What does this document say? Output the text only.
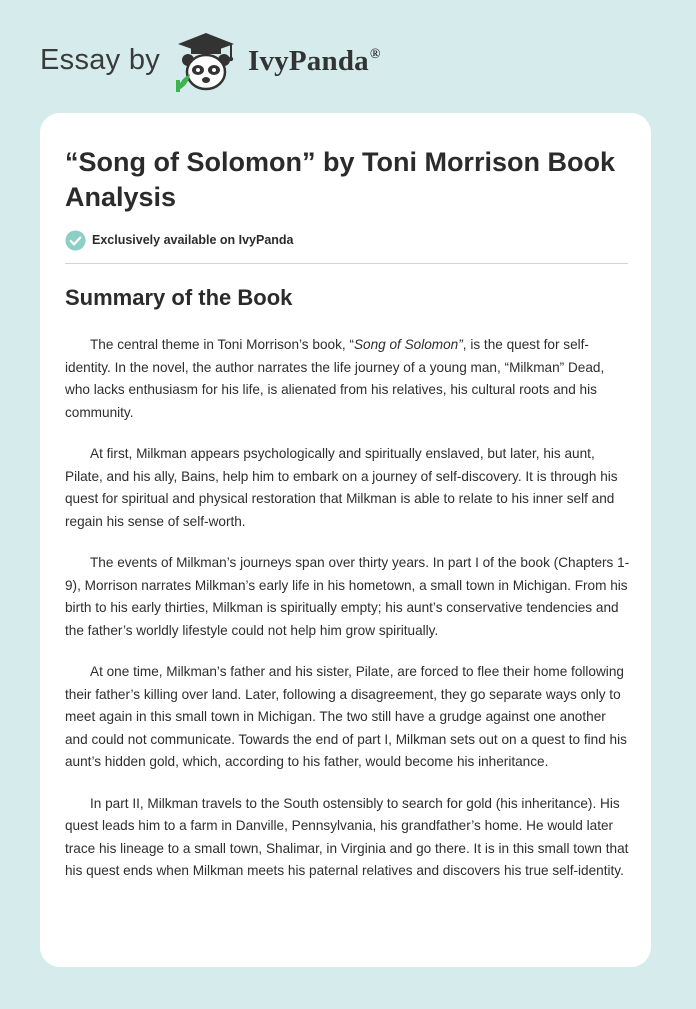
Essay by	IvyPanda®
“Song of Solomon” by Toni Morrison Book Analysis
Exclusively available on IvyPanda
Summary of the Book

The central theme in Toni Morrison’s book, “Song of Solomon”, is the quest for self-identity. In the novel, the author narrates the life journey of a young man, “Milkman” Dead, who lacks enthusiasm for his life, is alienated from his relatives, his cultural roots and his community.

At first, Milkman appears psychologically and spiritually enslaved, but later, his aunt, Pilate, and his ally, Bains, help him to embark on a journey of self-discovery. It is through his quest for spiritual and physical restoration that Milkman is able to relate to his inner self and regain his sense of self-worth.

The events of Milkman’s journeys span over thirty years. In part I of the book (Chapters 1-9), Morrison narrates Milkman’s early life in his hometown, a small town in Michigan. From his birth to his early thirties, Milkman is spiritually empty; his aunt’s conservative tendencies and the father’s worldly lifestyle could not help him grow spiritually.

At one time, Milkman’s father and his sister, Pilate, are forced to flee their home following their father’s killing over land. Later, following a disagreement, they go separate ways only to meet again in this small town in Michigan. The two still have a grudge against one another and could not communicate. Towards the end of part I, Milkman sets out on a quest to find his aunt’s hidden gold, which, according to his father, would become his inheritance.

In part II, Milkman travels to the South ostensibly to search for gold (his inheritance). His quest leads him to a farm in Danville, Pennsylvania, his grandfather’s home. He would later trace his lineage to a small town, Shalimar, in Virginia and go there. It is in this small town that his quest ends when Milkman meets his paternal relatives and discovers his true self-identity.
